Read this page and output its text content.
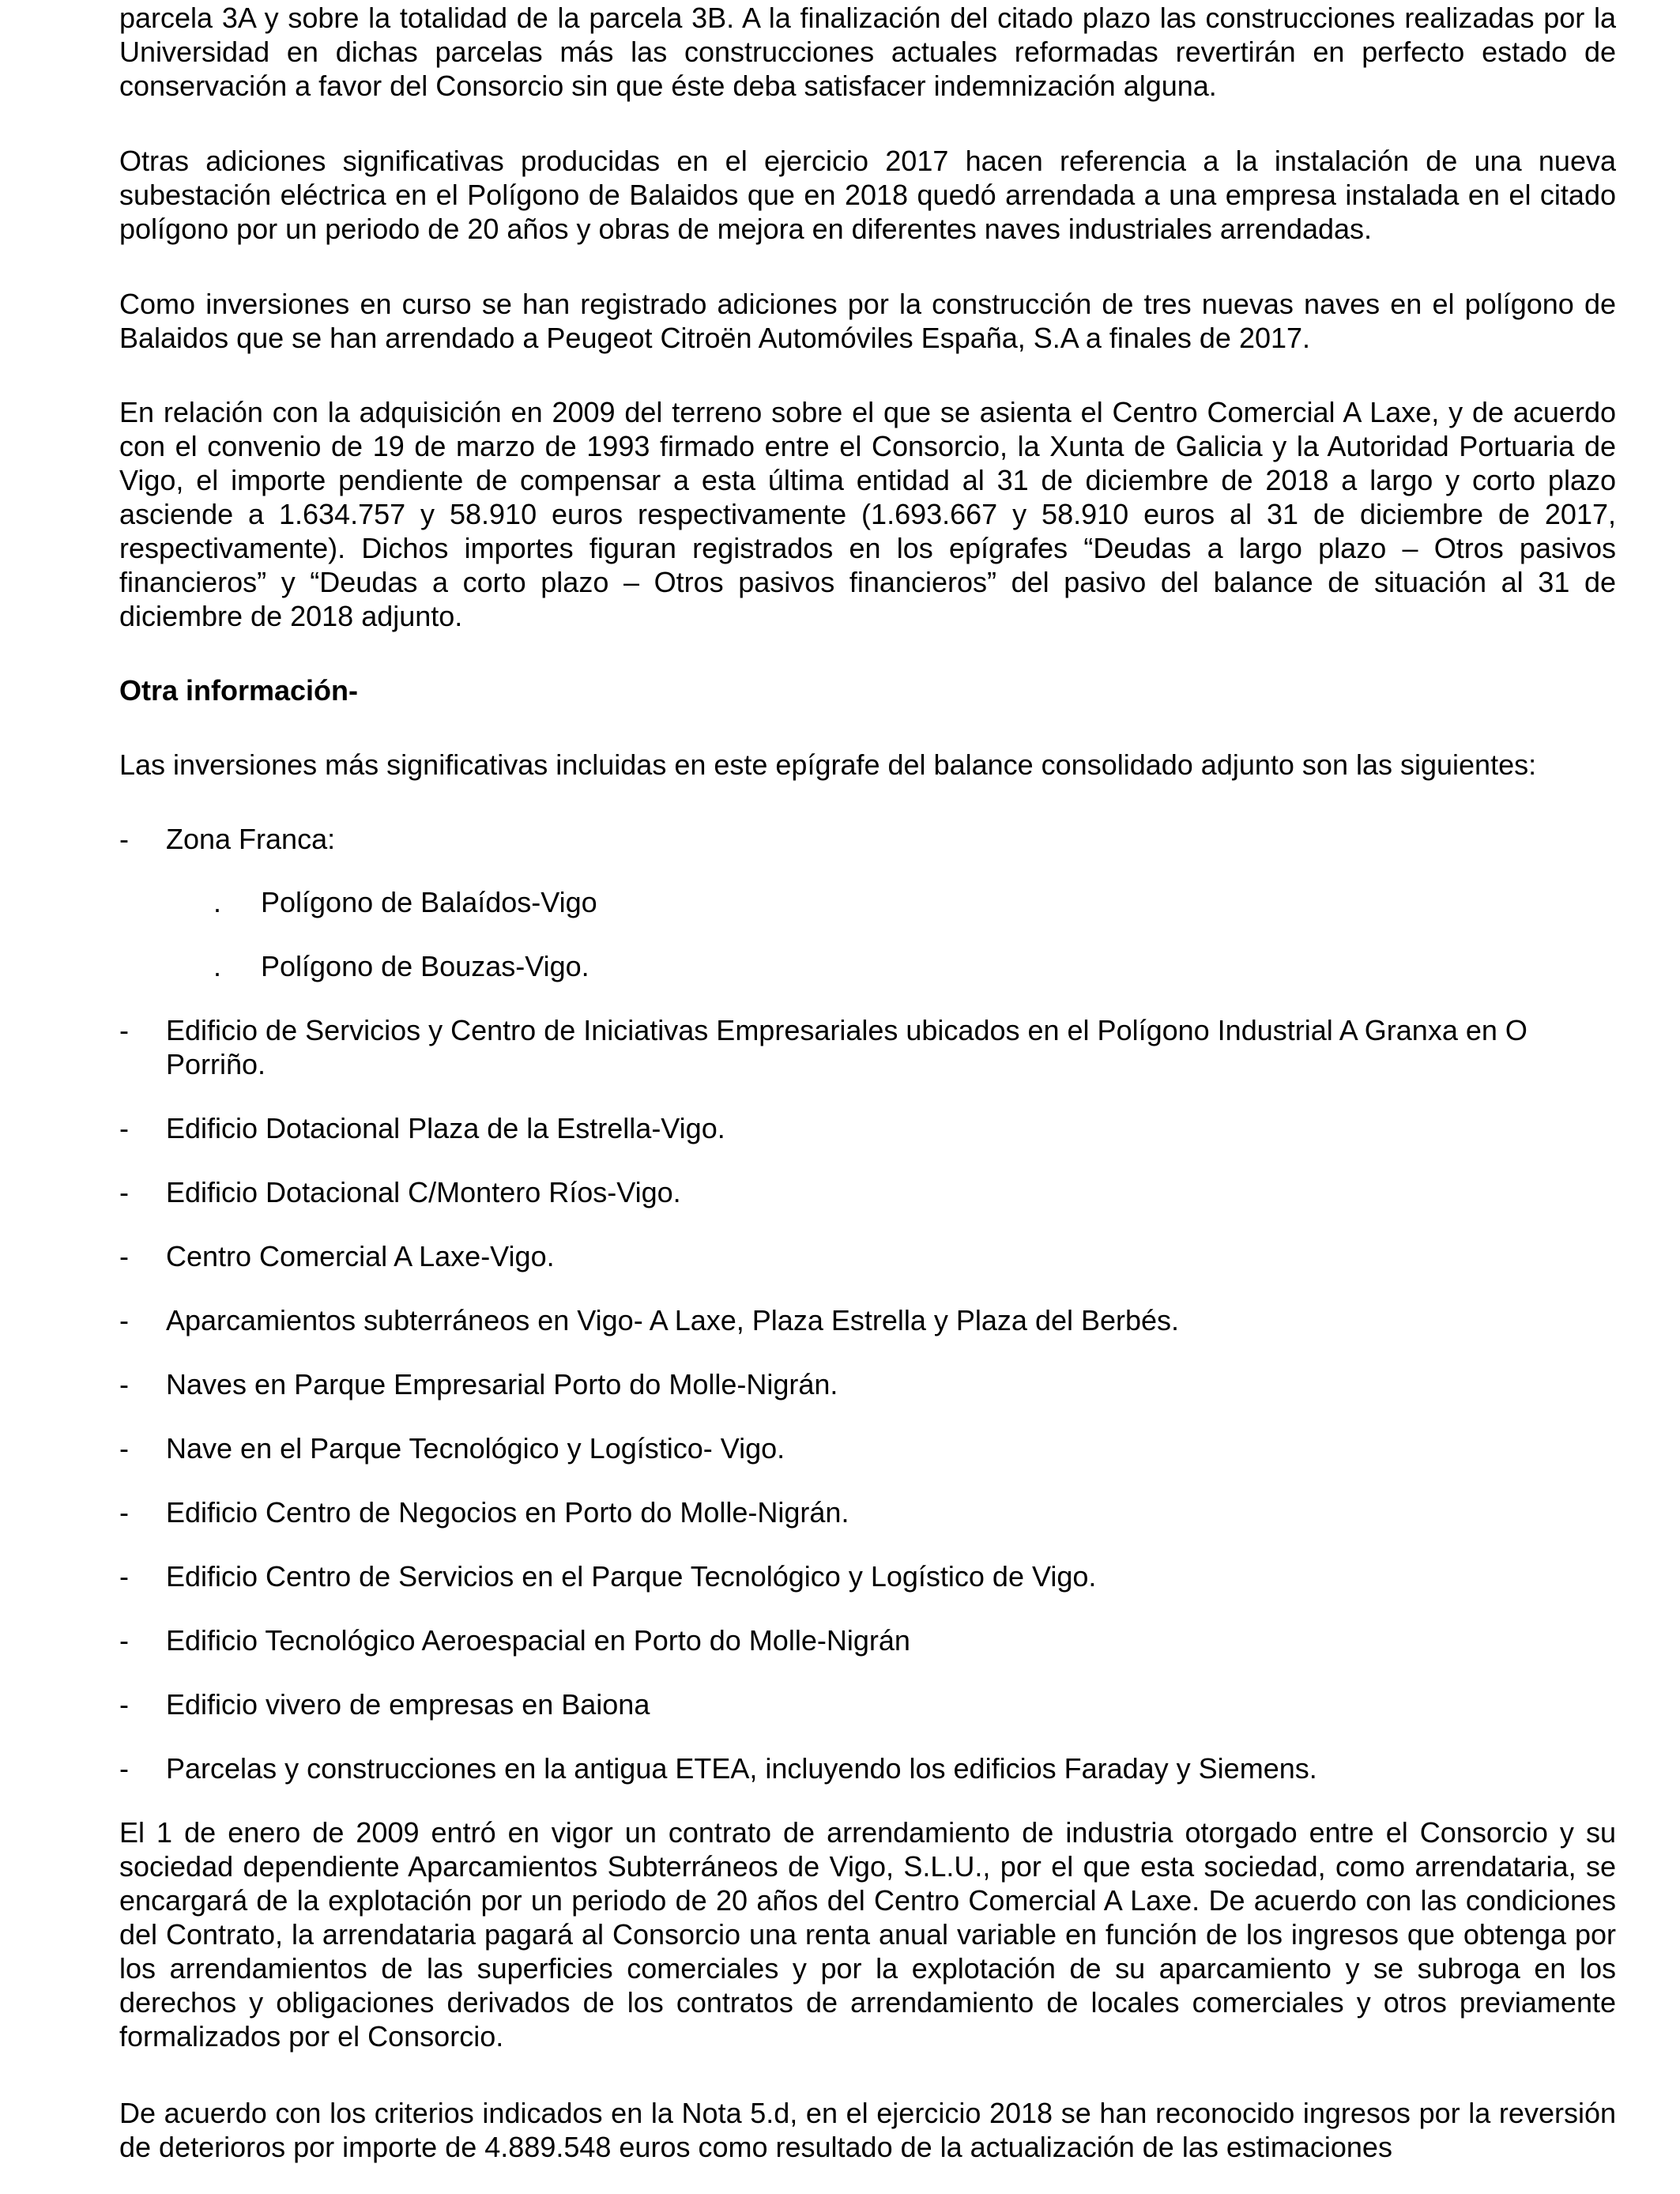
parcela 3A y sobre la totalidad de la parcela 3B. A la finalización del citado plazo las construcciones realizadas por la Universidad en dichas parcelas más las construcciones actuales reformadas revertirán en perfecto estado de conservación a favor del Consorcio sin que éste deba satisfacer indemnización alguna.

Otras adiciones significativas producidas en el ejercicio 2017 hacen referencia a la instalación de una nueva subestación eléctrica en el Polígono de Balaidos que en 2018 quedó arrendada a una empresa instalada en el citado polígono por un periodo de 20 años y obras de mejora en diferentes naves industriales arrendadas.

Como inversiones en curso se han registrado adiciones por la construcción de tres nuevas naves en el polígono de Balaidos que se han arrendado a Peugeot Citroën Automóviles España, S.A a finales de 2017.

En relación con la adquisición en 2009 del terreno sobre el que se asienta el Centro Comercial A Laxe, y de acuerdo con el convenio de 19 de marzo de 1993 firmado entre el Consorcio, la Xunta de Galicia y la Autoridad Portuaria de Vigo, el importe pendiente de compensar a esta última entidad al 31 de diciembre de 2018 a largo y corto plazo asciende a 1.634.757 y 58.910 euros respectivamente (1.693.667 y 58.910 euros al 31 de diciembre de 2017, respectivamente). Dichos importes figuran registrados en los epígrafes “Deudas a largo plazo – Otros pasivos financieros” y “Deudas a corto plazo – Otros pasivos financieros” del pasivo del balance de situación al 31 de diciembre de 2018 adjunto.

Otra información-

Las inversiones más significativas incluidas en este epígrafe del balance consolidado adjunto son las siguientes:

- Zona Franca:
. Polígono de Balaídos-Vigo
. Polígono de Bouzas-Vigo.
- Edificio de Servicios y Centro de Iniciativas Empresariales ubicados en el Polígono Industrial A Granxa en O Porriño.
- Edificio Dotacional Plaza de la Estrella-Vigo.
- Edificio Dotacional C/Montero Ríos-Vigo.
- Centro Comercial A Laxe-Vigo.
- Aparcamientos subterráneos en Vigo- A Laxe, Plaza Estrella y Plaza del Berbés.
- Naves en Parque Empresarial Porto do Molle-Nigrán.
- Nave en el Parque Tecnológico y Logístico- Vigo.
- Edificio Centro de Negocios en Porto do Molle-Nigrán.
- Edificio Centro de Servicios en el Parque Tecnológico y Logístico de Vigo.
- Edificio Tecnológico Aeroespacial en Porto do Molle-Nigrán
- Edificio vivero de empresas en Baiona
- Parcelas y construcciones en la antigua ETEA, incluyendo los edificios Faraday y Siemens.

El 1 de enero de 2009 entró en vigor un contrato de arrendamiento de industria otorgado entre el Consorcio y su sociedad dependiente Aparcamientos Subterráneos de Vigo, S.L.U., por el que esta sociedad, como arrendataria, se encargará de la explotación por un periodo de 20 años del Centro Comercial A Laxe. De acuerdo con las condiciones del Contrato, la arrendataria pagará al Consorcio una renta anual variable en función de los ingresos que obtenga por los arrendamientos de las superficies comerciales y por la explotación de su aparcamiento y se subroga en los derechos y obligaciones derivados de los contratos de arrendamiento de locales comerciales y otros previamente formalizados por el Consorcio.

De acuerdo con los criterios indicados en la Nota 5.d, en el ejercicio 2018 se han reconocido ingresos por la reversión de deterioros por importe de 4.889.548 euros como resultado de la actualización de las estimaciones
